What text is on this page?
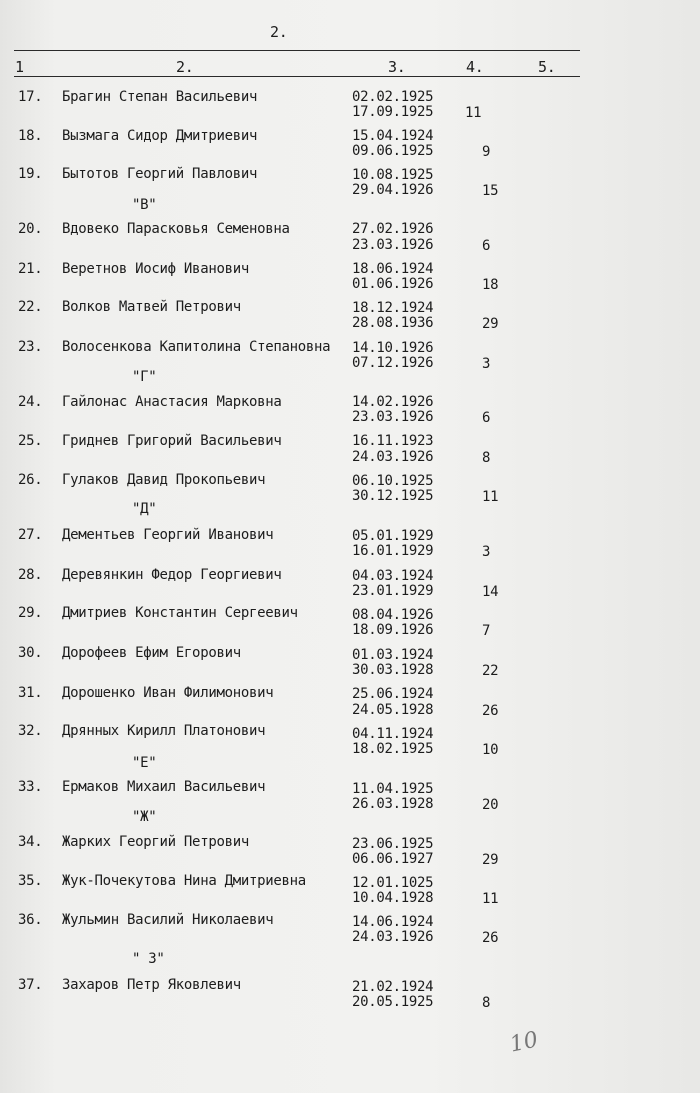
2.
1	2.	3.	4.	5.
17. Брагин Степан Васильевич	02.02.1925
17.09.1925 11
18. Вызмага Сидор Дмитриевич	15.04.1924
09.06.1925	9
19. Бытотов Георгий Павлович	10.08.1925
29.04.1926	15
"В"
20. Вдовеко Парасковья Семеновна	27.02.1926
23.03.1926	6
21. Веретнов Иосиф Иванович	18.06.1924
01.06.1926	18
22. Волков Матвей Петрович	18.12.1924
28.08.1936	29
23. Волосенкова Капитолина Степановна 14.10.1926
07.12.1926	3
"Г"
24. Гайлонас Анастасия Марковна	14.02.1926
23.03.1926	6
25. Гриднев Григорий Васильевич	16.11.1923
24.03.1926	8
26. Гулаков Давид Прокопьевич	06.10.1925
30.12.1925	11
"Д"
27. Дементьев Георгий Иванович	05.01.1929
16.01.1929	3
28. Деревянкин Федор Георгиевич	04.03.1924
23.01.1929	14
29. Дмитриев Константин Сергеевич	08.04.1926
18.09.1926	7
30. Дорофеев Ефим Егорович	01.03.1924
30.03.1928	22
31. Дорошенко Иван Филимонович	25.06.1924
24.05.1928	26
32. Дрянных Кирилл Платонович	04.11.1924
18.02.1925	10
"Е"
33. Ермаков Михаил Васильевич	11.04.1925
26.03.1928	20
"Ж"
34. Жарких Георгий Петрович	23.06.1925
06.06.1927	29
35. Жук-Почекутова Нина Дмитриевна	12.01.1025
10.04.1928	11
36. Жульмин Василий Николаевич	14.06.1924
24.03.1926	26
" З"
37. Захаров Петр Яковлевич	21.02.1924
20.05.1925	8
10
